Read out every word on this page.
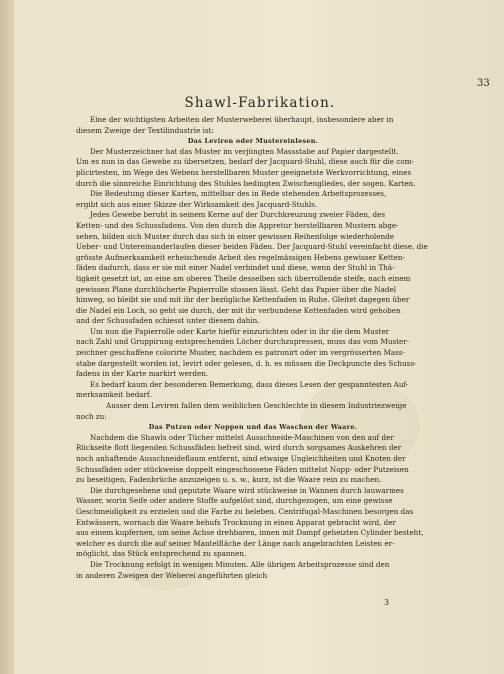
33
Shawl-Fabrikation.
Eine der wichtigsten Arbeiten der Musterweberei überhaupt, insbesondere aber in
diesem Zweige der Textilindustrie ist:
Das Leviren oder Mustereinlesen.
Der Musterzeichner hat das Muster im verjüngten Massstabe auf Papier dargestellt.
Um es nun in das Gewebe zu übersetzen, bedarf der Jacquard-Stuhl, diese auch für die com-
plicirtesten, im Wege des Webens herstellbaren Muster geeignetste Werkvorrichtung, eines
durch die sinnreiche Einrichtung des Stuhles bedingten Zwischengliedes, der sogen. Karten.
Die Bedeutung dieser Karten, mittelbar des in Rede stehenden Arbeitsprozesses,
ergibt sich aus einer Skizze der Wirksamkeit des Jacquard-Stuhls.
Jedes Gewebe beruht in seinem Kerne auf der Durchkreuzung zweier Fäden, des
Ketten- und des Schussfadens. Von den durch die Appretur herstellbaren Mustern abge-
sehen, bilden sich Muster durch das sich in einer gewissen Reihenfolge wiederholende
Ueber- und Untereinanderlaufen dieser beiden Fäden. Der Jacquard-Stuhl vereinfacht diese, die
grösste Aufmerksamkeit erheischende Arbeit des regelmässigen Hebens gewisser Ketten-
fäden dadurch, dass er sie mit einer Nadel verbindet und diese, wenn der Stuhl in Thä-
tigkeit gesetzt ist, an eine am oberen Theile desselben sich überrollende steife, nach einem
gewissen Plane durchlöcherte Papierrolle stossen lässt. Geht das Papier über die Nadel
hinweg, so bleibt sie und mit ihr der bezügliche Kettenfaden in Ruhe. Gleitet dagegen über
die Nadel ein Loch, so geht sie durch, der mit ihr verbundene Kettenfaden wird gehoben
und der Schussfaden schiesst unter diesem dahin.
Um nun die Papierrolle oder Karte hiefür einzurichten oder in ihr die dem Muster
nach Zahl und Gruppirung entsprechenden Löcher durchzupressen, muss das vom Muster-
zeichner geschaffene colorirte Muster, nachdem es patronirt oder im vergrösserten Mass-
stabe dargestellt worden ist, levirt oder gelesen, d. h. es müssen die Deckpuncte des Schuss-
fadens in der Karte markirt werden.
Es bedarf kaum der besonderen Bemerkung, dass dieses Lesen der gespanntesten Auf-
merksamkeit bedarf.
Ausser dem Leviren fallen dem weiblichen Geschlechte in diesem Industriezweige
noch zu:
Das Putzen oder Noppen und das Waschen der Waare.
Nachdem die Shawls oder Tücher mittelst Ausschneide-Maschinen von den auf der
Rückseite flott liegenden Schussfäden befreit sind, wird durch sorgsames Auskehren der
noch anhaftende Ausschneideflaum entfernt, sind etwaige Ungleichheiten und Knoten der
Schussfäden oder stückweise doppelt eingeschossene Fäden mittelst Nopp- oder Putzeisen
zu beseitigen, Fadenbrüche anzuzeigen u. s. w., kurz, ist die Waare rein zu machen.
Die durchgesehene und geputzte Waare wird stückweise in Wannen durch lauwarmes
Wasser, worin Seife oder andere Stoffe aufgelöst sind, durchgezogen, um eine gewisse
Geschmeidigkeit zu erzielen und die Farbe zu beleben. Centrifugal-Maschinen besorgen das
Entwässern, wornach die Waare behufs Trocknung in einen Apparat gebracht wird, der
aus einem kupfernen, um seine Achse drehbaren, innen mit Dampf geheizten Cylinder besteht,
welcher es durch die auf seiner Mantelfläche der Länge nach angebrachten Leisten er-
möglicht, das Stück entsprechend zu spannen.
Die Trocknung erfolgt in wenigen Minuten. Alle übrigen Arbeitsprozesse sind den
in anderen Zweigen der Weberei angeführten gleich
3
